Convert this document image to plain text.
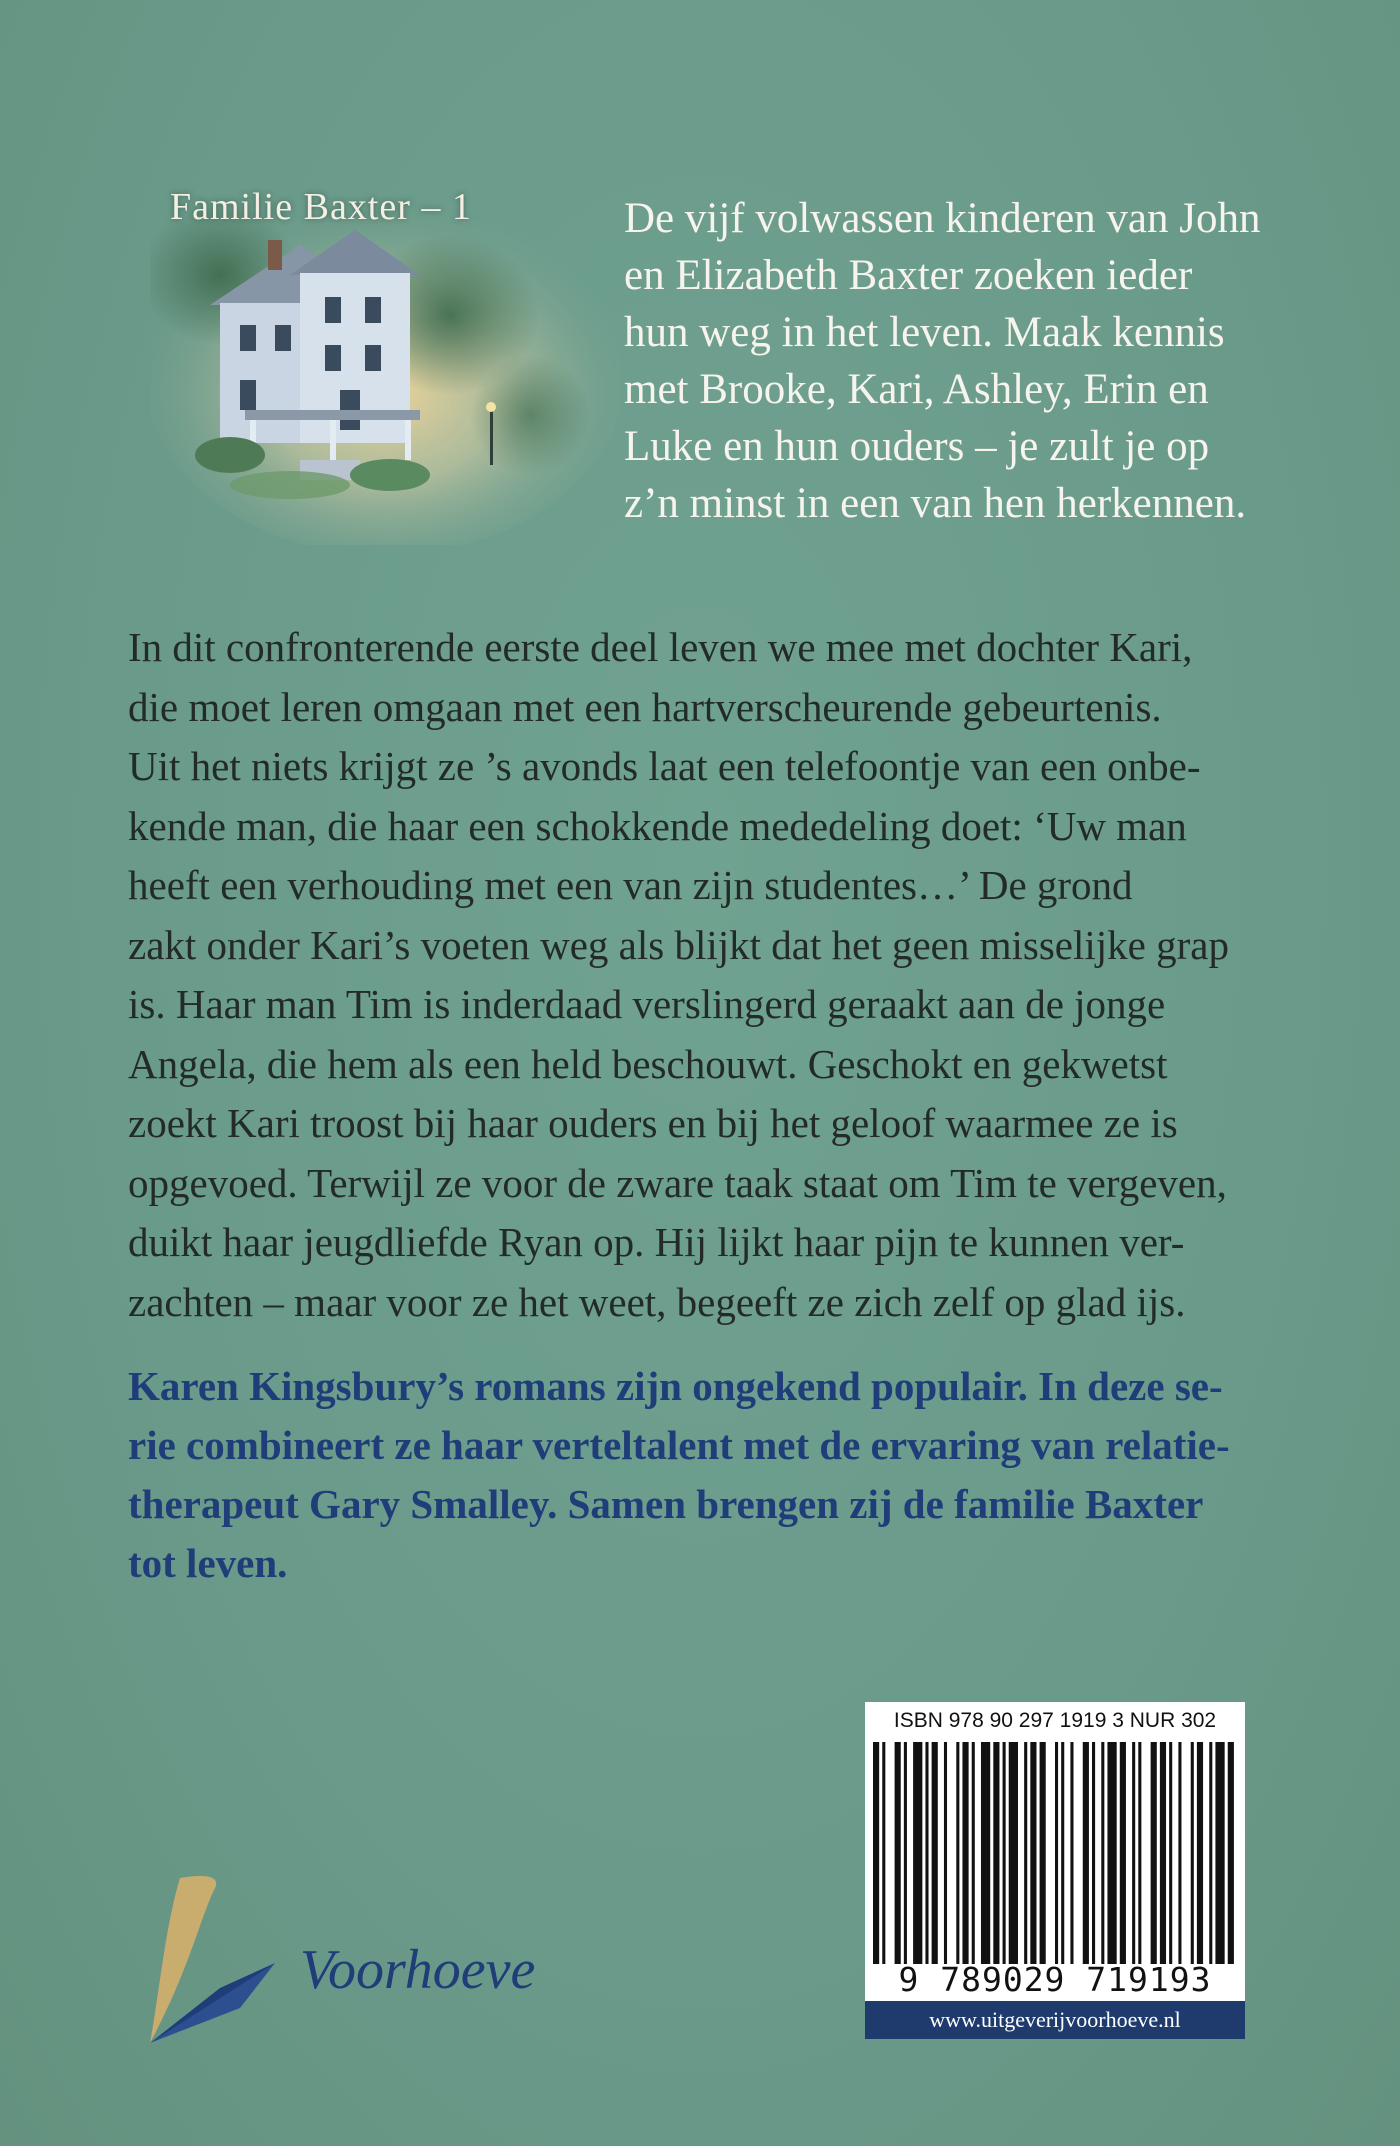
Familie Baxter – 1	De vijf volwassen kinderen van John
en Elizabeth Baxter zoeken ieder
hun weg in het leven. Maak kennis
met Brooke, Kari, Ashley, Erin en
Luke en hun ouders – je zult je op
z’n minst in een van hen herkennen.

In dit confronterende eerste deel leven we mee met dochter Kari,
die moet leren omgaan met een hartverscheurende gebeurtenis.
Uit het niets krijgt ze ’s avonds laat een telefoontje van een onbe-
kende man, die haar een schokkende mededeling doet: ‘Uw man
heeft een verhouding met een van zijn studentes…’ De grond
zakt onder Kari’s voeten weg als blijkt dat het geen misselijke grap
is. Haar man Tim is inderdaad verslingerd geraakt aan de jonge
Angela, die hem als een held beschouwt. Geschokt en gekwetst
zoekt Kari troost bij haar ouders en bij het geloof waarmee ze is
opgevoed. Terwijl ze voor de zware taak staat om Tim te vergeven,
duikt haar jeugdliefde Ryan op. Hij lijkt haar pijn te kunnen ver-
zachten – maar voor ze het weet, begeeft ze zich zelf op glad ijs.

Karen Kingsbury’s romans zijn ongekend populair. In deze se-
rie combineert ze haar verteltalent met de ervaring van relatie-
therapeut Gary Smalley. Samen brengen zij de familie Baxter
tot leven.

Voorhoeve
ISBN 978 90 297 1919 3 NUR 302
9 789029 719193
www.uitgeverijvoorhoeve.nl
